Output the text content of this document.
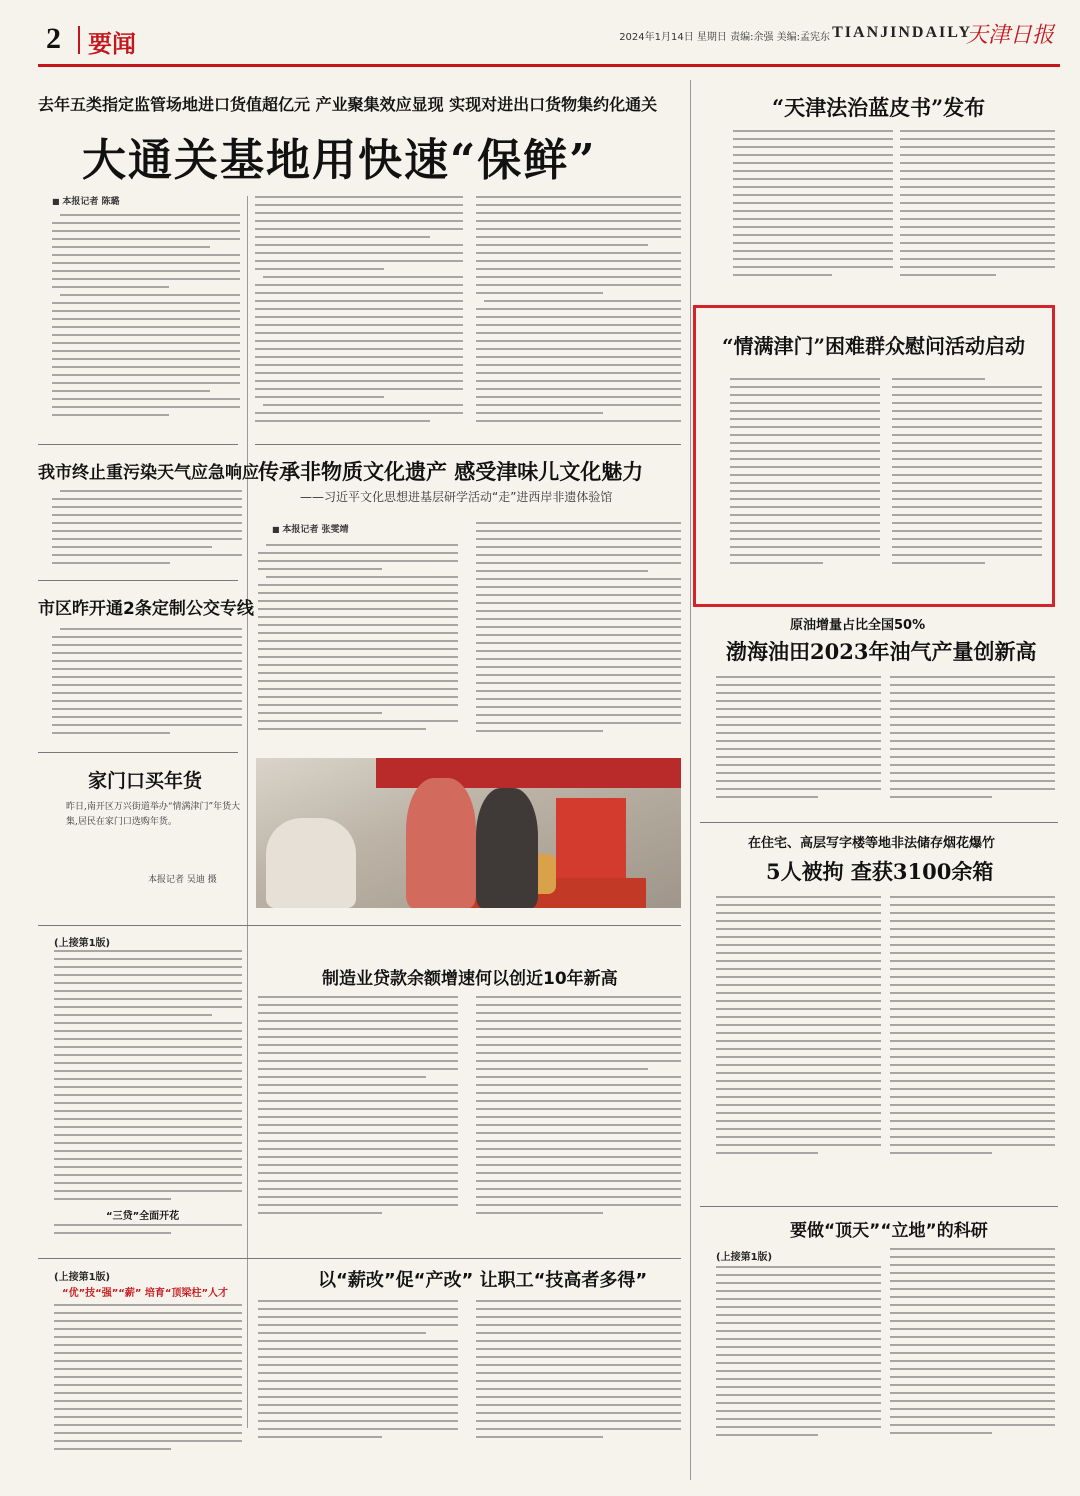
2 要闻	2024年1月14日 星期日 责编:余强 美编:孟宪东 TIANJINDAILY
天津日报
去年五类指定监管场地进口货值超亿元 产业聚集效应显现 实现对进出口货物集约化通关
大通关基地用快速“保鲜”
■ 本报记者 陈璐
我市终止重污染天气应急响应
市区昨开通2条定制公交专线
家门口买年货
昨日,南开区万兴街道举办“情满津门”年货大集,居民在家门口选购年货。
本报记者 吴迪 摄
(上接第1版)
“三贷”全面开花
(上接第1版)
“优”技“强”“薪” 培育“顶梁柱”人才
传承非物质文化遗产 感受津味儿文化魅力
——习近平文化思想进基层研学活动“走”进西岸非遗体验馆
■ 本报记者 张雯靖
制造业贷款余额增速何以创近10年新高
以“薪改”促“产改” 让职工“技高者多得”
“天津法治蓝皮书”发布
“情满津门”困难群众慰问活动启动
原油增量占比全国50%
渤海油田2023年油气产量创新高
在住宅、高层写字楼等地非法储存烟花爆竹
5人被拘 查获3100余箱
要做“顶天”“立地”的科研
(上接第1版)
